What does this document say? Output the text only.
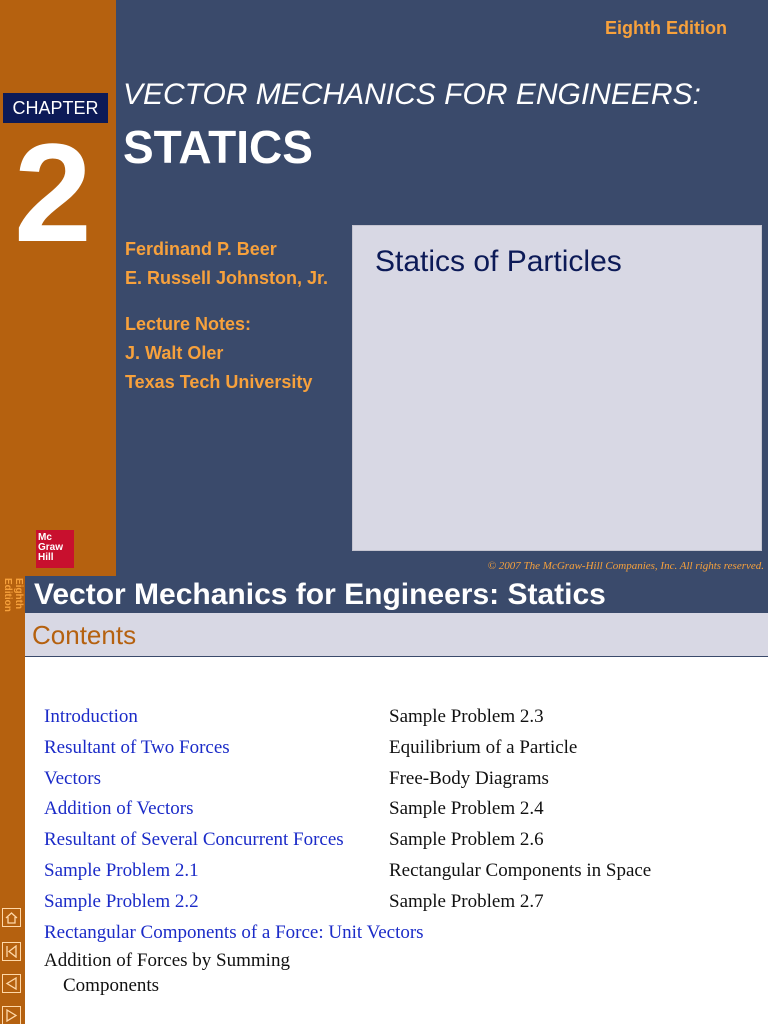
CHAPTER
2
Eighth Edition
VECTOR MECHANICS FOR ENGINEERS:
STATICS
Ferdinand P. Beer
E. Russell Johnston, Jr.
Lecture Notes:
J. Walt Oler
Texas Tech University
Statics of Particles
Mc
Graw
Hill
© 2007 The McGraw-Hill Companies, Inc. All rights reserved.
Eighth
Edition Vector Mechanics for Engineers: Statics
Contents
Introduction
Resultant of Two Forces
Vectors
Addition of Vectors
Resultant of Several Concurrent Forces
Sample Problem 2.1
Sample Problem 2.2
Rectangular Components of a Force: Unit Vectors
Addition of Forces by Summing
Components
Sample Problem 2.3
Equilibrium of a Particle
Free-Body Diagrams
Sample Problem 2.4
Sample Problem 2.6
Rectangular Components in Space
Sample Problem 2.7
